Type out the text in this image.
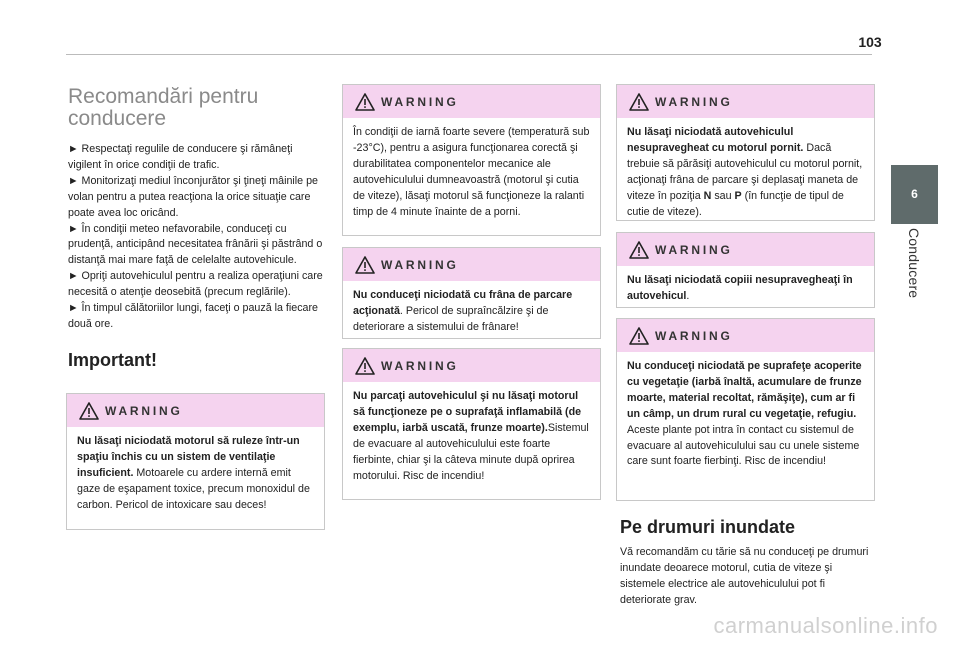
103
6
Conducere
Recomandări pentru
conducere
► Respectaţi regulile de conducere şi rămâneţi vigilent în orice condiţii de trafic.
► Monitorizaţi mediul înconjurător şi ţineţi mâinile pe volan pentru a putea reacţiona la orice situaţie care poate avea loc oricând.
► În condiţii meteo nefavorabile, conduceţi cu prudenţă, anticipând necesitatea frânării şi păstrând o distanţă mai mare faţă de celelalte autovehicule.
► Opriţi autovehiculul pentru a realiza operaţiuni care necesită o atenţie deosebită (precum reglările).
► În timpul călătoriilor lungi, faceţi o pauză la fiecare două ore.
Important!
WARNING
Nu lăsaţi niciodată motorul să ruleze într-un spaţiu închis cu un sistem de ventilaţie insuficient. Motoarele cu ardere internă emit gaze de eşapament toxice, precum monoxidul de carbon. Pericol de intoxicare sau deces!
WARNING
În condiţii de iarnă foarte severe (temperatură sub -23°C), pentru a asigura funcţionarea corectă şi durabilitatea componentelor mecanice ale autovehiculului dumneavoastră (motorul şi cutia de viteze), lăsaţi motorul să funcţioneze la ralanti timp de 4 minute înainte de a porni.
WARNING
Nu conduceţi niciodată cu frâna de parcare acţionată. Pericol de supraîncălzire şi de deteriorare a sistemului de frânare!
WARNING
Nu parcaţi autovehiculul şi nu lăsaţi motorul să funcţioneze pe o suprafaţă inflamabilă (de exemplu, iarbă uscată, frunze moarte).Sistemul de evacuare al autovehiculului este foarte fierbinte, chiar şi la câteva minute după oprirea motorului. Risc de incendiu!
WARNING
Nu lăsaţi niciodată autovehiculul nesupravegheat cu motorul pornit. Dacă trebuie să părăsiţi autovehiculul cu motorul pornit, acţionaţi frâna de parcare şi deplasaţi maneta de viteze în poziţia N sau P (în funcţie de tipul de cutie de viteze).
WARNING
Nu lăsaţi niciodată copiii nesupravegheaţi în autovehicul.
WARNING
Nu conduceţi niciodată pe suprafeţe acoperite cu vegetaţie (iarbă înaltă, acumulare de frunze moarte, material recoltat, rămăşiţe), cum ar fi un câmp, un drum rural cu vegetaţie, refugiu.
Aceste plante pot intra în contact cu sistemul de evacuare al autovehiculului sau cu unele sisteme care sunt foarte fierbinţi. Risc de incendiu!
Pe drumuri inundate

Vă recomandăm cu tărie să nu conduceţi pe drumuri inundate deoarece motorul, cutia de viteze şi sistemele electrice ale autovehiculului pot fi deteriorate grav.

carmanualsonline.info
